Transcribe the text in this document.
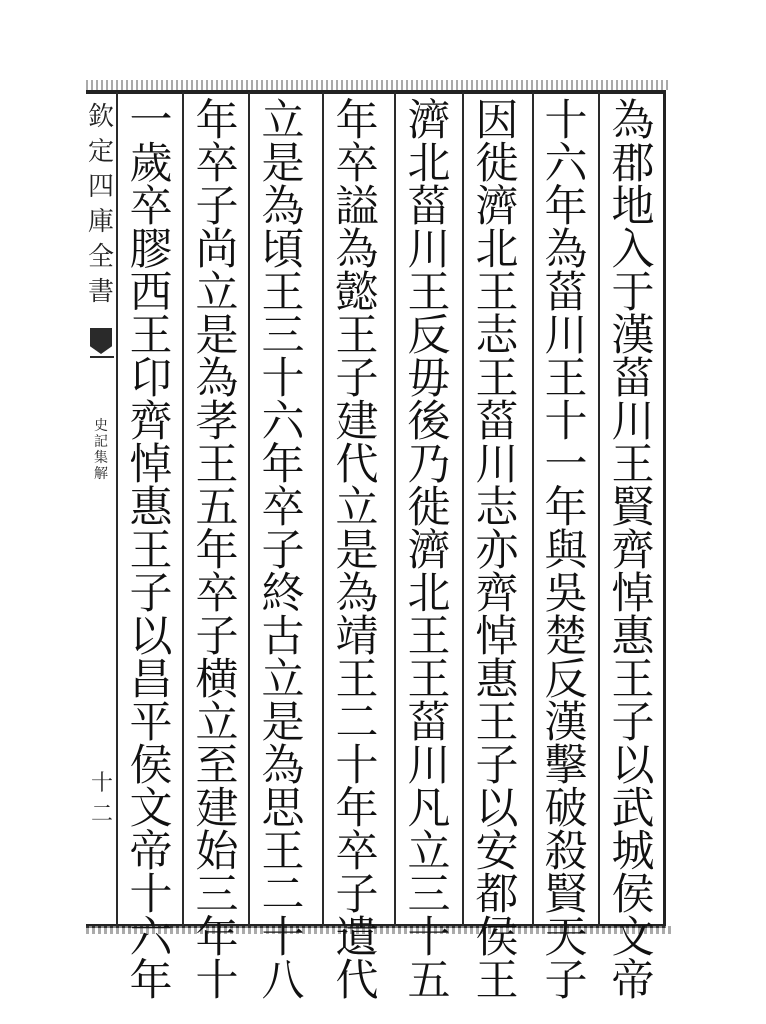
欽
定
四
庫
全
書
史
記
集
解
十二
為
郡
地
入
于
漢
菑
川
王
賢
齊
悼
惠
王
子
以
武
城
侯
文
帝
十
六
年
為
菑
川
王
十
一
年
與
吳
楚
反
漢
擊
破
殺
賢
天
子
因
徙
濟
北
王
志
王
菑
川
志
亦
齊
悼
惠
王
子
以
安
都
侯
王
濟
北
菑
川
王
反
毋
後
乃
徙
濟
北
王
王
菑
川
凡
立
三
十
五
年
卒
謚
為
懿
王
子
建
代
立
是
為
靖
王
二
十
年
卒
子
遺
代
立
是
為
頃
王
三
十
六
年
卒
子
終
古
立
是
為
思
王
二
十
八
年
卒
子
尚
立
是
為
孝
王
五
年
卒
子
横
立
至
建
始
三
年
十
一
歲
卒
膠
西
王
卬
齊
悼
惠
王
子
以
昌
平
侯
文
帝
十
六
年
